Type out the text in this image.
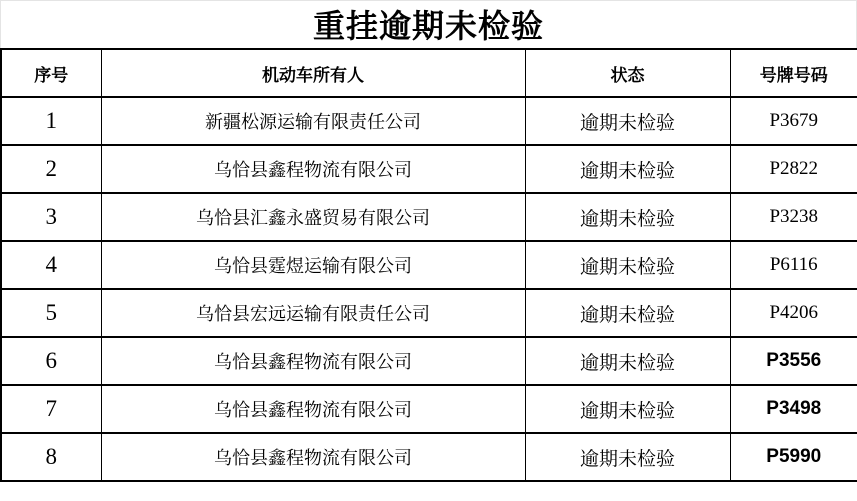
重挂逾期未检验
序号	机动车所有人	状态	号牌号码
1	新疆松源运输有限责任公司	逾期未检验	P3679
2	乌恰县鑫程物流有限公司	逾期未检验	P2822
3	乌恰县汇鑫永盛贸易有限公司	逾期未检验	P3238
4	乌恰县霆煜运输有限公司	逾期未检验	P6116
5	乌恰县宏远运输有限责任公司	逾期未检验	P4206
6	乌恰县鑫程物流有限公司	逾期未检验	P3556
7	乌恰县鑫程物流有限公司	逾期未检验	P3498
8	乌恰县鑫程物流有限公司	逾期未检验	P5990
